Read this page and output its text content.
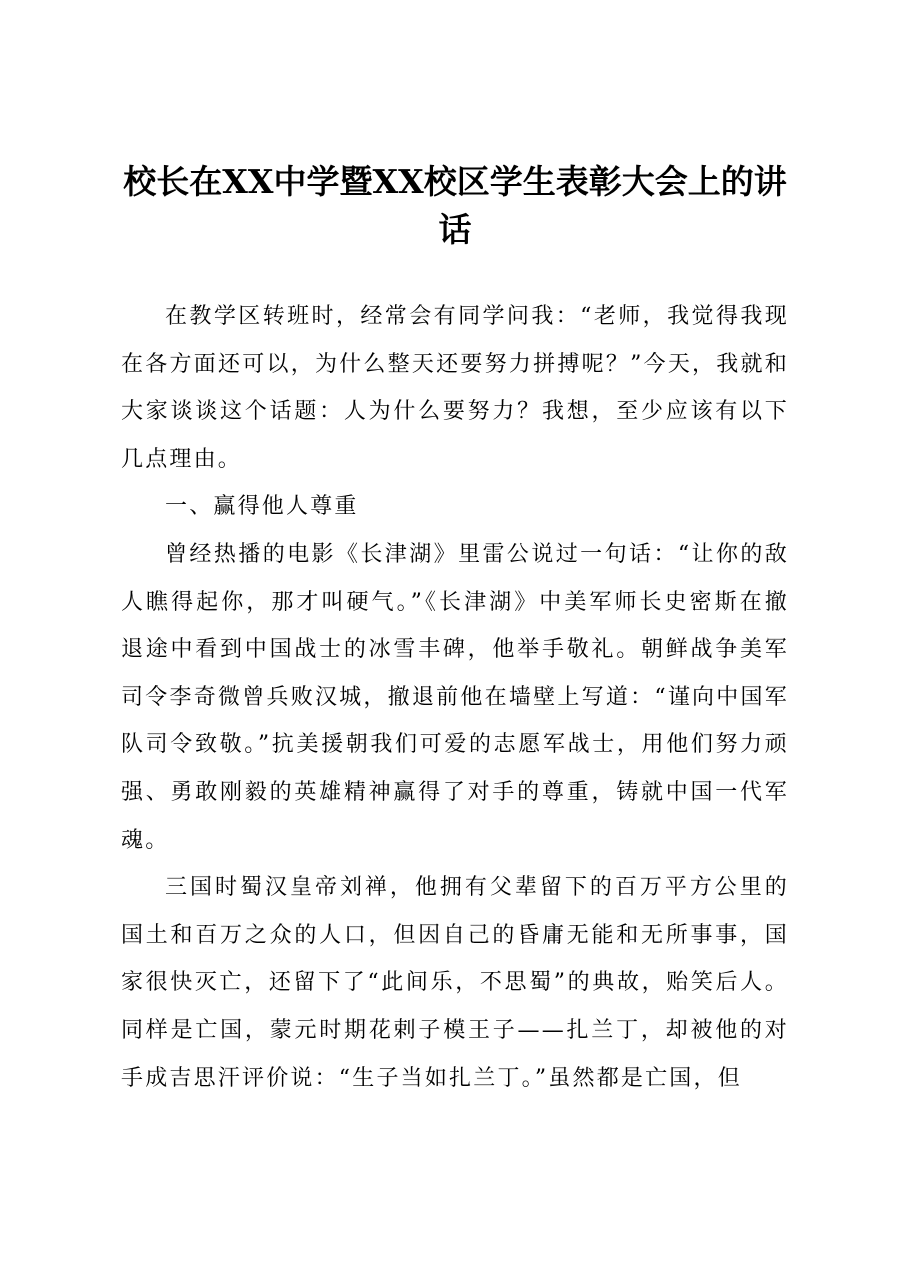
校长在XX中学暨XX校区学生表彰大会上的讲话

在教学区转班时，经常会有同学问我：“老师，我觉得我现在各方面还可以，为什么整天还要努力拼搏呢？”今天，我就和大家谈谈这个话题：人为什么要努力？我想，至少应该有以下几点理由。

一、赢得他人尊重

曾经热播的电影《长津湖》里雷公说过一句话：“让你的敌人瞧得起你，那才叫硬气。”《长津湖》中美军师长史密斯在撤退途中看到中国战士的冰雪丰碑，他举手敬礼。朝鲜战争美军司令李奇微曾兵败汉城，撤退前他在墙壁上写道：“谨向中国军队司令致敬。”抗美援朝我们可爱的志愿军战士，用他们努力顽强、勇敢刚毅的英雄精神赢得了对手的尊重，铸就中国一代军魂。

三国时蜀汉皇帝刘禅，他拥有父辈留下的百万平方公里的国土和百万之众的人口，但因自己的昏庸无能和无所事事，国家很快灭亡，还留下了“此间乐，不思蜀”的典故，贻笑后人。同样是亡国，蒙元时期花剌子模王子——扎兰丁，却被他的对手成吉思汗评价说：“生子当如扎兰丁。”虽然都是亡国，但
